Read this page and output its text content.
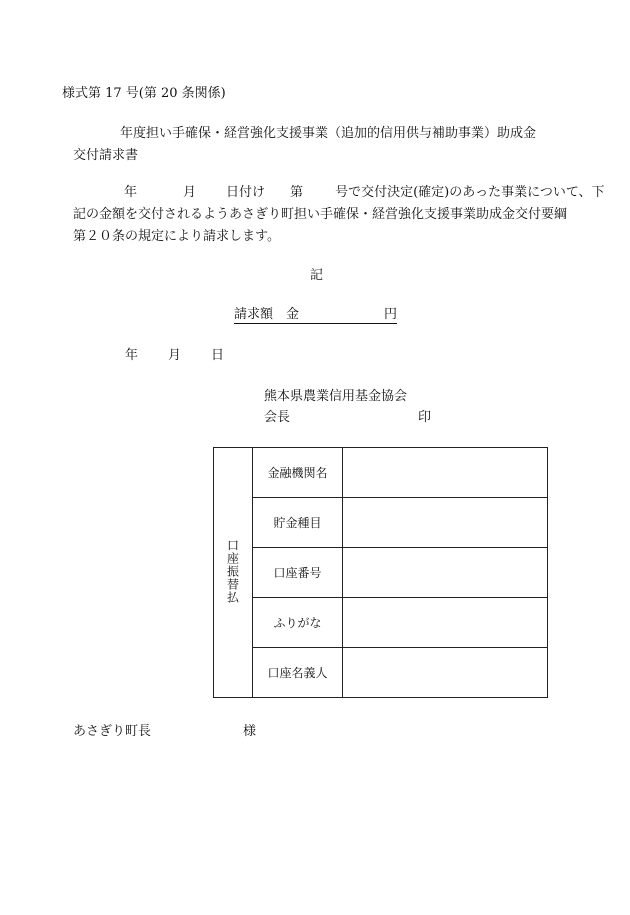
様式第 17 号(第 20 条関係)
年度担い手確保・経営強化支援事業（追加的信用供与補助事業）助成金
交付請求書
年	月 日付け 第 号で交付決定(確定)のあった事業について、下
記の金額を交付されるようあさぎり町担い手確保・経営強化支援事業助成金交付要綱
第２０条の規定により請求します。
記
請求額　金	円
年 月 日
熊本県農業信用基金協会
会長	印
口座振替払	金融機関名	
	貯金種目	
	口座番号	
	ふりがな	
	口座名義人	
あさぎり町長	様
